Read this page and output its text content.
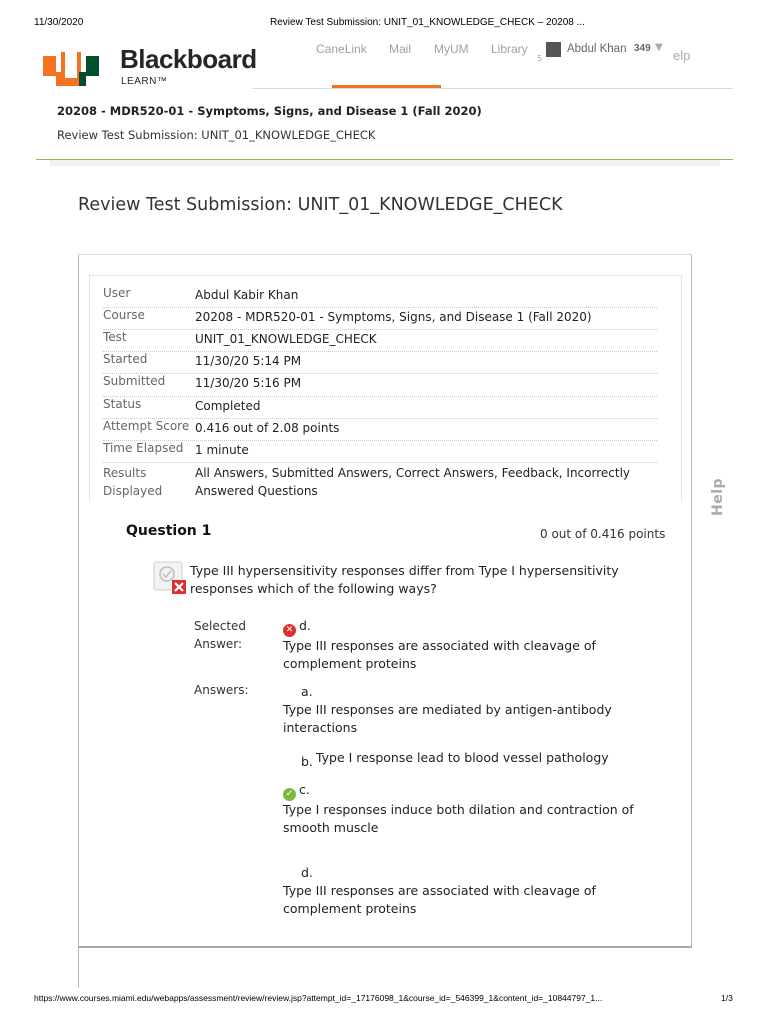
11/30/2020	Review Test Submission: UNIT_01_KNOWLEDGE_CHECK – 20208 ...
Blackboard
LEARN™
CaneLink Mail MyUM Library
5
Abdul Khan 349 ▼
elp
20208 - MDR520-01 - Symptoms, Signs, and Disease 1 (Fall 2020)
Review Test Submission: UNIT_01_KNOWLEDGE_CHECK
Review Test Submission: UNIT_01_KNOWLEDGE_CHECK
User	Abdul Kabir Khan
Course	20208 - MDR520-01 - Symptoms, Signs, and Disease 1 (Fall 2020)
Test	UNIT_01_KNOWLEDGE_CHECK
Started	11/30/20 5:14 PM
Submitted 11/30/20 5:16 PM
Status	Completed
Attempt Score 0.416 out of 2.08 points
Time Elapsed 1 minute
Results Displayed
All Answers, Submitted Answers, Correct Answers, Feedback, Incorrectly Answered Questions	Help
Question 1	0 out of 0.416 points
Type III hypersensitivity responses differ from Type I hypersensitivity responses which of the following ways?
Selected Answer:
✕ d.
Type III responses are associated with cleavage of complement proteins
Answers:	a.
Type III responses are mediated by antigen-antibody interactions
b. Type I response lead to blood vessel pathology
✓ c.
Type I responses induce both dilation and contraction of smooth muscle
d.
Type III responses are associated with cleavage of complement proteins
https://www.courses.miami.edu/webapps/assessment/review/review.jsp?attempt_id=_17176098_1&course_id=_546399_1&content_id=_10844797_1...	1/3
